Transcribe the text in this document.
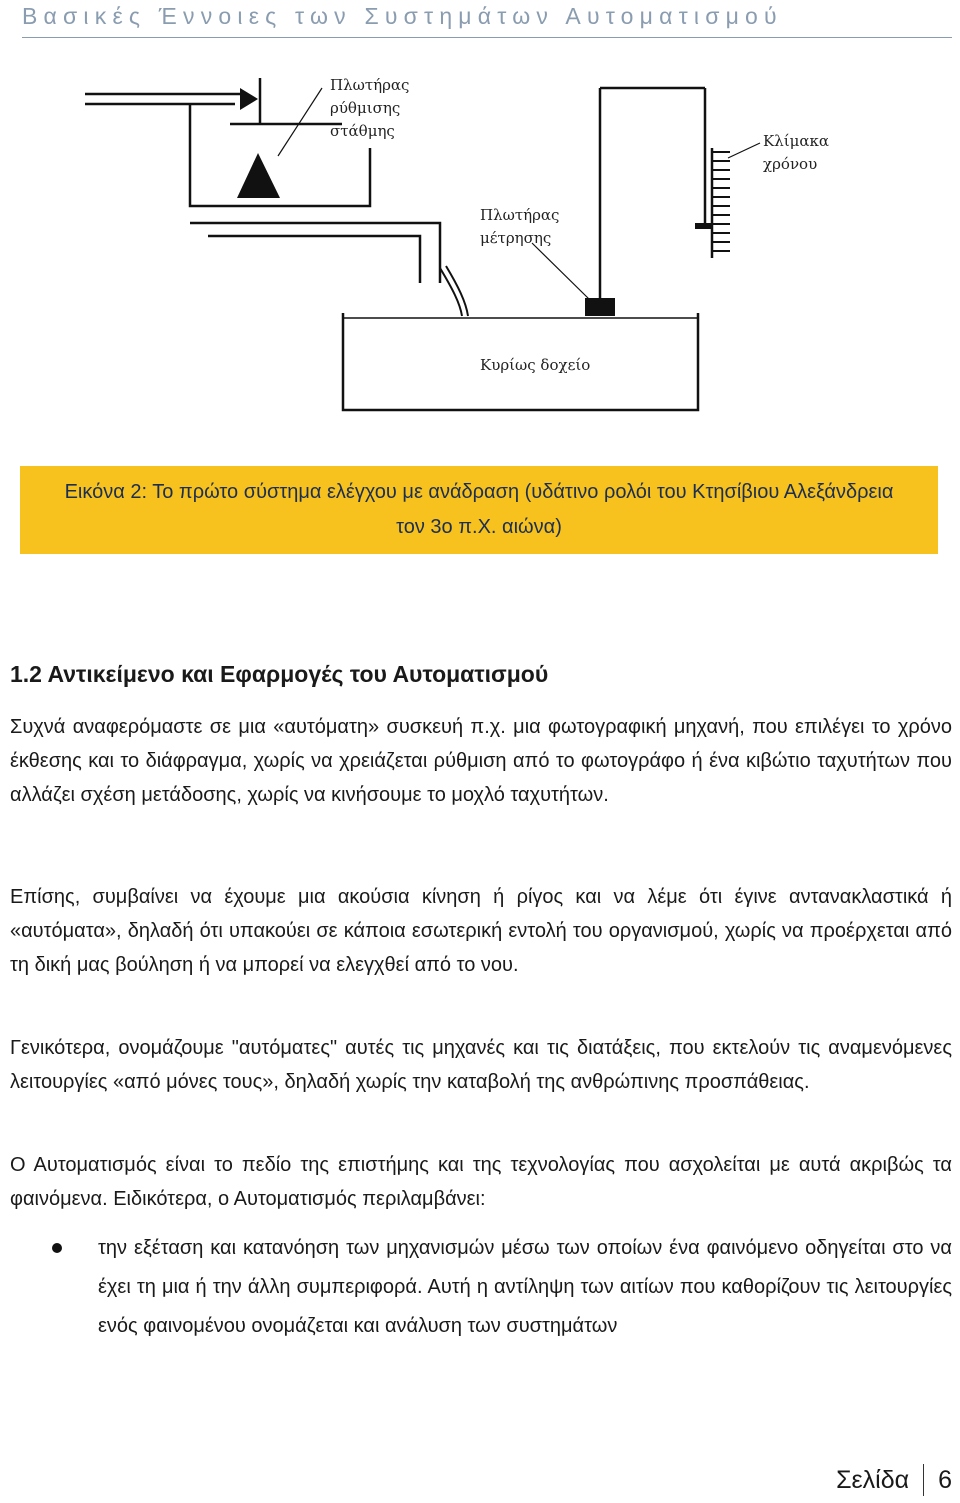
Βασικές Έννοιες των Συστημάτων Αυτοματισμού
Πλωτήρας
ρύθμισης
στάθμης
Κλίμακα
χρόνου
Πλωτήρας
μέτρησης
Κυρίως δοχείο
Εικόνα 2: Το πρώτο σύστημα ελέγχου με ανάδραση (υδάτινο ρολόι του Κτησίβιου Αλεξάνδρεια τον 3ο π.Χ. αιώνα)
1.2 Αντικείμενο και Εφαρμογές του Αυτοματισμού

Συχνά αναφερόμαστε σε μια «αυτόματη» συσκευή π.χ. μια φωτογραφική μηχανή, που επιλέγει το χρόνο έκθεσης και το διάφραγμα, χωρίς να χρειάζεται ρύθμιση από το φωτογράφο ή ένα κιβώτιο ταχυτήτων που αλλάζει σχέση μετάδοσης, χωρίς να κινήσουμε το μοχλό ταχυτήτων.

Επίσης, συμβαίνει να έχουμε μια ακούσια κίνηση ή ρίγος και να λέμε ότι έγινε αντανακλαστικά ή «αυτόματα», δηλαδή ότι υπακούει σε κάποια εσωτερική εντολή του οργανισμού, χωρίς να προέρχεται από τη δική μας βούληση ή να μπορεί να ελεγχθεί από το νου.

Γενικότερα, ονομάζουμε "αυτόματες" αυτές τις μηχανές και τις διατάξεις, που εκτελούν τις αναμενόμενες λειτουργίες «από μόνες τους», δηλαδή χωρίς την καταβολή της ανθρώπινης προσπάθειας.

Ο Αυτοματισμός είναι το πεδίο της επιστήμης και της τεχνολογίας που ασχολείται με αυτά ακριβώς τα φαινόμενα. Ειδικότερα, ο Αυτοματισμός περιλαμβάνει:

την εξέταση και κατανόηση των μηχανισμών μέσω των οποίων ένα φαινόμενο οδηγείται στο να έχει τη μια ή την άλλη συμπεριφορά. Αυτή η αντίληψη των αιτίων που καθορίζουν τις λειτουργίες ενός φαινομένου ονομάζεται και ανάλυση των συστημάτων
Σελίδα 6
